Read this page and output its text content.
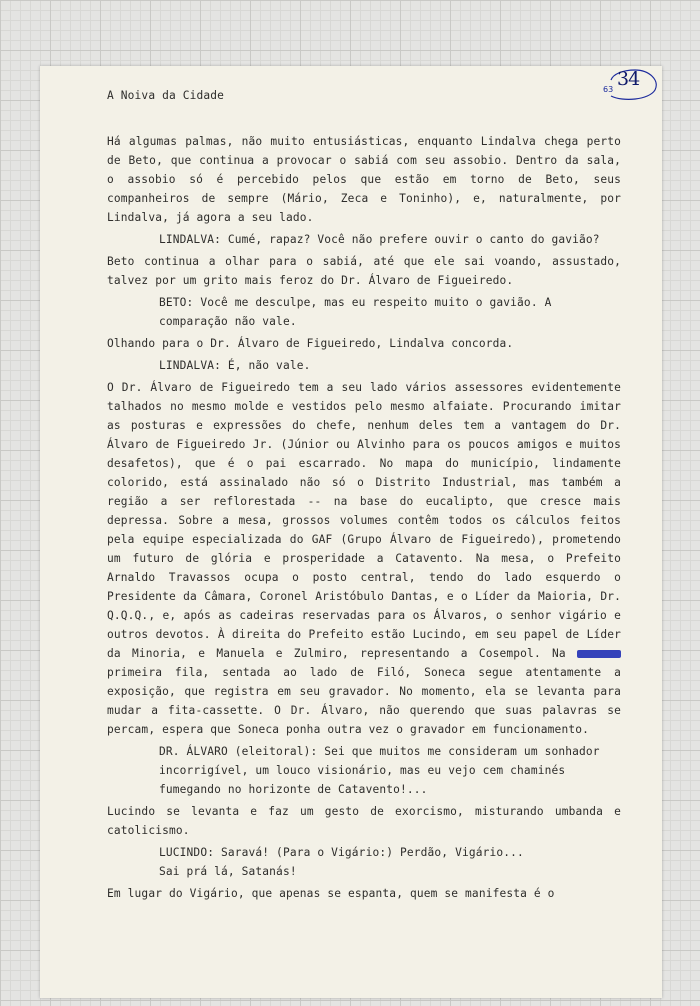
34
63

A Noiva da Cidade

Há algumas palmas, não muito entusiásticas, enquanto Lindalva chega perto de Beto, que continua a provocar o sabiá com seu assobio. Dentro da sala, o assobio só é percebido pelos que estão em torno de Beto, seus companheiros de sempre (Mário, Zeca e Toninho), e, naturalmente, por Lindalva, já agora a seu lado.

LINDALVA: Cumé, rapaz? Você não prefere ouvir o canto do gavião?

Beto continua a olhar para o sabiá, até que ele sai voando, assustado, talvez por um grito mais feroz do Dr. Álvaro de Figueiredo.

BETO: Você me desculpe, mas eu respeito muito o gavião. A comparação não vale.

Olhando para o Dr. Álvaro de Figueiredo, Lindalva concorda.

LINDALVA: É, não vale.

O Dr. Álvaro de Figueiredo tem a seu lado vários assessores evidentemente talhados no mesmo molde e vestidos pelo mesmo alfaiate. Procurando imitar as posturas e expressões do chefe, nenhum deles tem a vantagem do Dr. Álvaro de Figueiredo Jr. (Júnior ou Alvinho para os poucos amigos e muitos desafetos), que é o pai escarrado. No mapa do município, lindamente colorido, está assinalado não só o Distrito Industrial, mas também a região a ser reflorestada -- na base do eucalipto, que cresce mais depressa. Sobre a mesa, grossos volumes contêm todos os cálculos feitos pela equipe especializada do GAF (Grupo Álvaro de Figueiredo), prometendo um futuro de glória e prosperidade a Catavento. Na mesa, o Prefeito Arnaldo Travassos ocupa o posto central, tendo do lado esquerdo o Presidente da Câmara, Coronel Aristóbulo Dantas, e o Líder da Maioria, Dr. Q.Q.Q., e, após as cadeiras reservadas para os Álvaros, o senhor vigário e outros devotos. À direita do Prefeito estão Lucindo, em seu papel de Líder da Minoria, e Manuela e Zulmiro, representando a Cosempol. Na  primeira fila, sentada ao lado de Filó, Soneca segue atentamente a exposição, que registra em seu gravador. No momento, ela se levanta para mudar a fita-cassette. O Dr. Álvaro, não querendo que suas palavras se percam, espera que Soneca ponha outra vez o gravador em funcionamento.

DR. ÁLVARO (eleitoral): Sei que muitos me consideram um sonhador incorrigível, um louco visionário, mas eu vejo cem chaminés fumegando no horizonte de Catavento!...

Lucindo se levanta e faz um gesto de exorcismo, misturando umbanda e catolicismo.

LUCINDO: Saravá! (Para o Vigário:) Perdão, Vigário...

Sai prá lá, Satanás!

Em lugar do Vigário, que apenas se espanta, quem se manifesta é o
